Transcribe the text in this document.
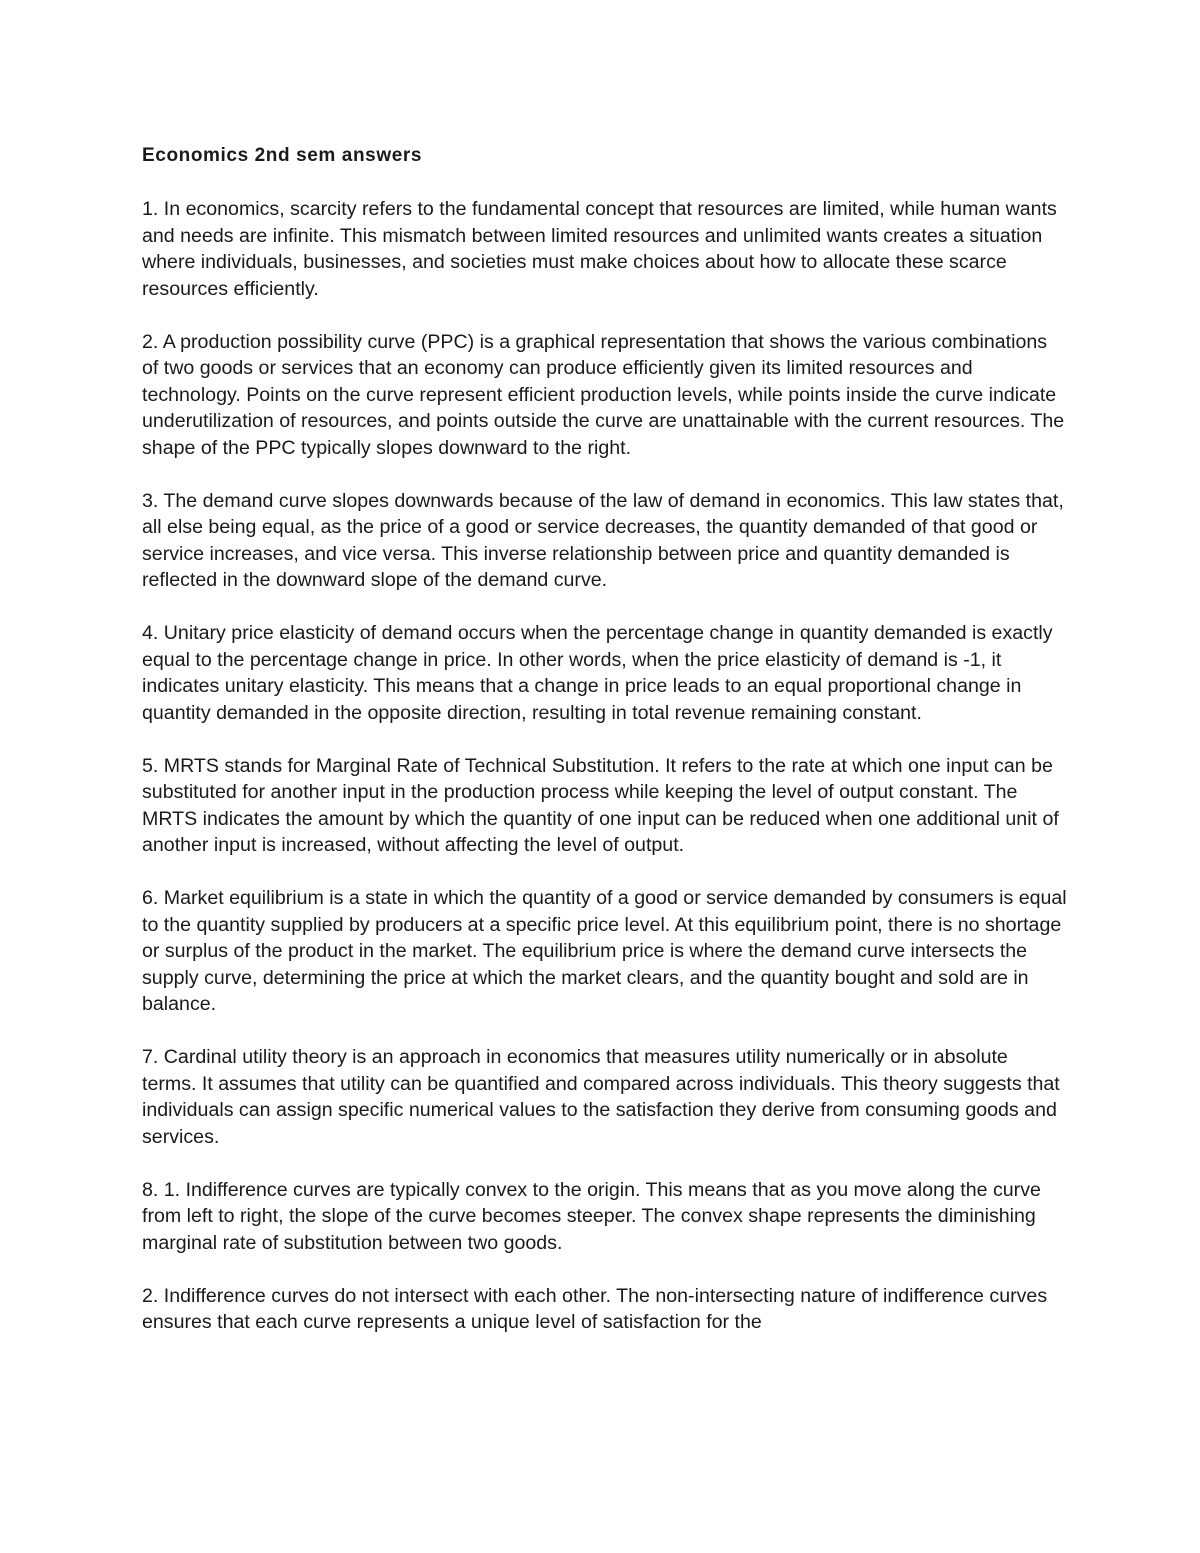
Economics 2nd sem answers

1. In economics, scarcity refers to the fundamental concept that resources are limited, while human wants and needs are infinite. This mismatch between limited resources and unlimited wants creates a situation where individuals, businesses, and societies must make choices about how to allocate these scarce resources efficiently.

2. A production possibility curve (PPC) is a graphical representation that shows the various combinations of two goods or services that an economy can produce efficiently given its limited resources and technology. Points on the curve represent efficient production levels, while points inside the curve indicate underutilization of resources, and points outside the curve are unattainable with the current resources. The shape of the PPC typically slopes downward to the right.

3. The demand curve slopes downwards because of the law of demand in economics. This law states that, all else being equal, as the price of a good or service decreases, the quantity demanded of that good or service increases, and vice versa. This inverse relationship between price and quantity demanded is reflected in the downward slope of the demand curve.

4. Unitary price elasticity of demand occurs when the percentage change in quantity demanded is exactly equal to the percentage change in price. In other words, when the price elasticity of demand is -1, it indicates unitary elasticity. This means that a change in price leads to an equal proportional change in quantity demanded in the opposite direction, resulting in total revenue remaining constant.

5. MRTS stands for Marginal Rate of Technical Substitution. It refers to the rate at which one input can be substituted for another input in the production process while keeping the level of output constant. The MRTS indicates the amount by which the quantity of one input can be reduced when one additional unit of another input is increased, without affecting the level of output.

6. Market equilibrium is a state in which the quantity of a good or service demanded by consumers is equal to the quantity supplied by producers at a specific price level. At this equilibrium point, there is no shortage or surplus of the product in the market. The equilibrium price is where the demand curve intersects the supply curve, determining the price at which the market clears, and the quantity bought and sold are in balance.

7. Cardinal utility theory is an approach in economics that measures utility numerically or in absolute terms. It assumes that utility can be quantified and compared across individuals. This theory suggests that individuals can assign specific numerical values to the satisfaction they derive from consuming goods and services.

8. 1. Indifference curves are typically convex to the origin. This means that as you move along the curve from left to right, the slope of the curve becomes steeper. The convex shape represents the diminishing marginal rate of substitution between two goods.

2. Indifference curves do not intersect with each other. The non-intersecting nature of indifference curves ensures that each curve represents a unique level of satisfaction for the
